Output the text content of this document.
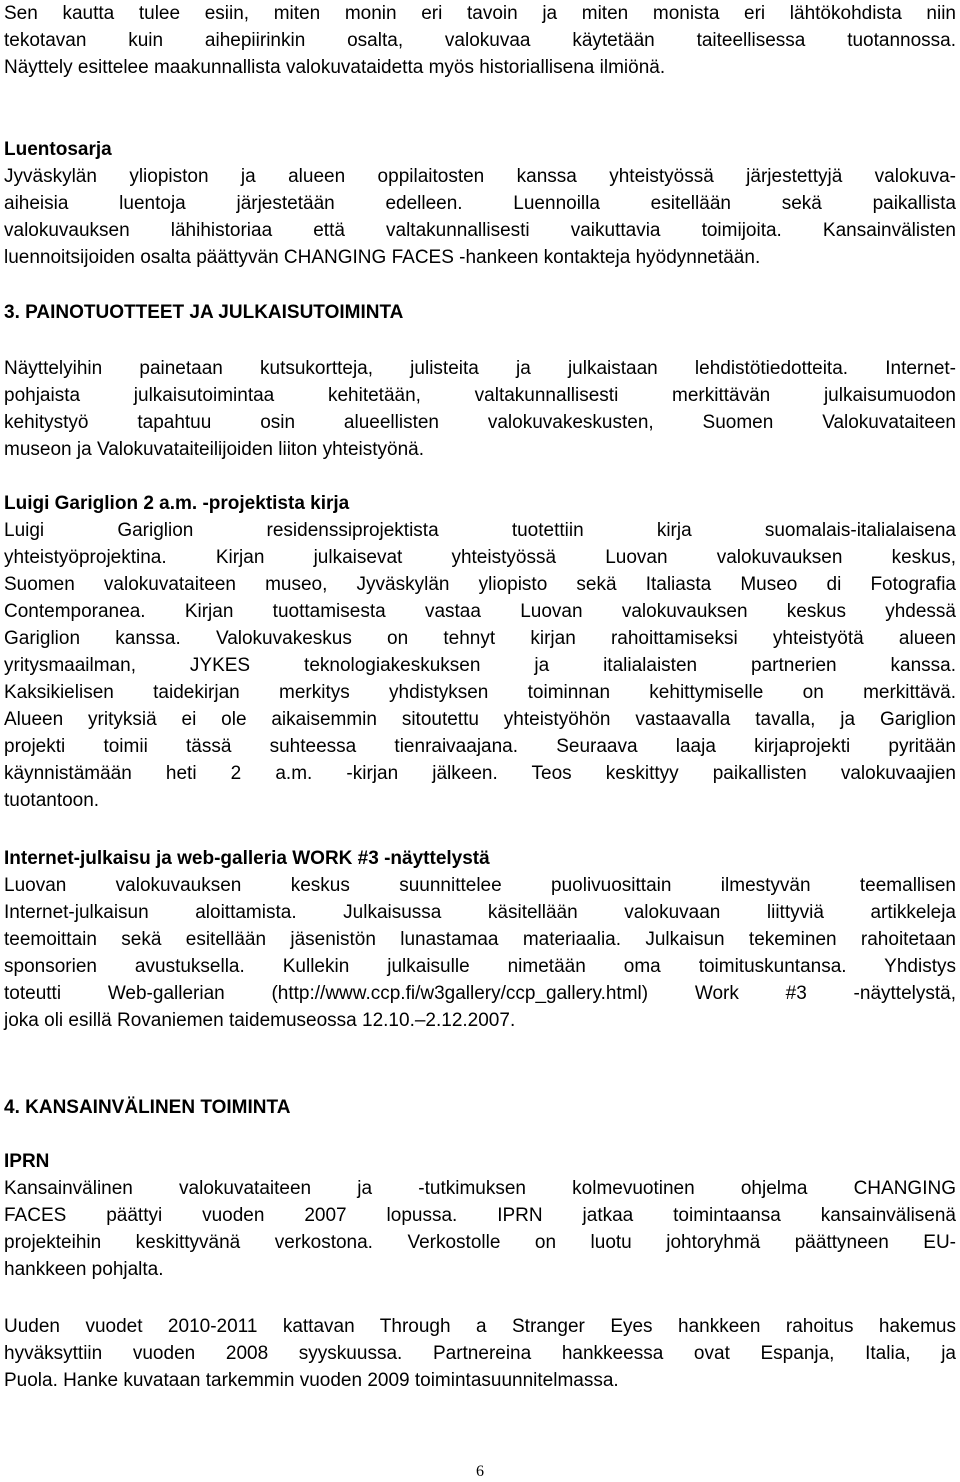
Sen kautta tulee esiin, miten monin eri tavoin ja miten monista eri lähtökohdista niin
tekotavan kuin aihepiirinkin osalta, valokuvaa käytetään taiteellisessa tuotannossa.
Näyttely esittelee maakunnallista valokuvataidetta myös historiallisena ilmiönä.
Luentosarja
Jyväskylän yliopiston ja alueen oppilaitosten kanssa yhteistyössä järjestettyjä valokuva-
aiheisia luentoja järjestetään edelleen. Luennoilla esitellään sekä paikallista
valokuvauksen lähihistoriaa että valtakunnallisesti vaikuttavia toimijoita. Kansainvälisten
luennoitsijoiden osalta päättyvän CHANGING FACES -hankeen kontakteja hyödynnetään.
3. PAINOTUOTTEET JA JULKAISUTOIMINTA
Näyttelyihin painetaan kutsukortteja, julisteita ja julkaistaan lehdistötiedotteita. Internet-
pohjaista julkaisutoimintaa kehitetään, valtakunnallisesti merkittävän julkaisumuodon
kehitystyö tapahtuu osin alueellisten valokuvakeskusten, Suomen Valokuvataiteen
museon ja Valokuvataiteilijoiden liiton yhteistyönä.
Luigi Gariglion 2 a.m. -projektista kirja
Luigi Gariglion residenssiprojektista tuotettiin kirja suomalais-italialaisena
yhteistyöprojektina. Kirjan julkaisevat yhteistyössä Luovan valokuvauksen keskus,
Suomen valokuvataiteen museo, Jyväskylän yliopisto sekä Italiasta Museo di Fotografia
Contemporanea. Kirjan tuottamisesta vastaa Luovan valokuvauksen keskus yhdessä
Gariglion kanssa. Valokuvakeskus on tehnyt kirjan rahoittamiseksi yhteistyötä alueen
yritysmaailman, JYKES teknologiakeskuksen ja italialaisten partnerien kanssa.
Kaksikielisen taidekirjan merkitys yhdistyksen toiminnan kehittymiselle on merkittävä.
Alueen yrityksiä ei ole aikaisemmin sitoutettu yhteistyöhön vastaavalla tavalla, ja Gariglion
projekti toimii tässä suhteessa tienraivaajana. Seuraava laaja kirjaprojekti pyritään
käynnistämään heti 2 a.m. -kirjan jälkeen. Teos keskittyy paikallisten valokuvaajien
tuotantoon.
Internet-julkaisu ja web-galleria WORK #3 -näyttelystä
Luovan valokuvauksen keskus suunnittelee puolivuosittain ilmestyvän teemallisen
Internet-julkaisun aloittamista. Julkaisussa käsitellään valokuvaan liittyviä artikkeleja
teemoittain sekä esitellään jäsenistön lunastamaa materiaalia. Julkaisun tekeminen rahoitetaan
sponsorien avustuksella. Kullekin julkaisulle nimetään oma toimituskuntansa. Yhdistys
toteutti Web-gallerian (http://www.ccp.fi/w3gallery/ccp_gallery.html) Work #3 -näyttelystä,
joka oli esillä Rovaniemen taidemuseossa 12.10.–2.12.2007.
4. KANSAINVÄLINEN TOIMINTA
IPRN
Kansainvälinen valokuvataiteen ja -tutkimuksen kolmevuotinen ohjelma CHANGING
FACES päättyi vuoden 2007 lopussa. IPRN jatkaa toimintaansa kansainvälisenä
projekteihin keskittyvänä verkostona. Verkostolle on luotu johtoryhmä päättyneen EU-
hankkeen pohjalta.
Uuden vuodet 2010-2011 kattavan Through a Stranger Eyes hankkeen rahoitus hakemus
hyväksyttiin vuoden 2008 syyskuussa. Partnereina hankkeessa ovat Espanja, Italia, ja
Puola. Hanke kuvataan tarkemmin vuoden 2009 toimintasuunnitelmassa.
6
